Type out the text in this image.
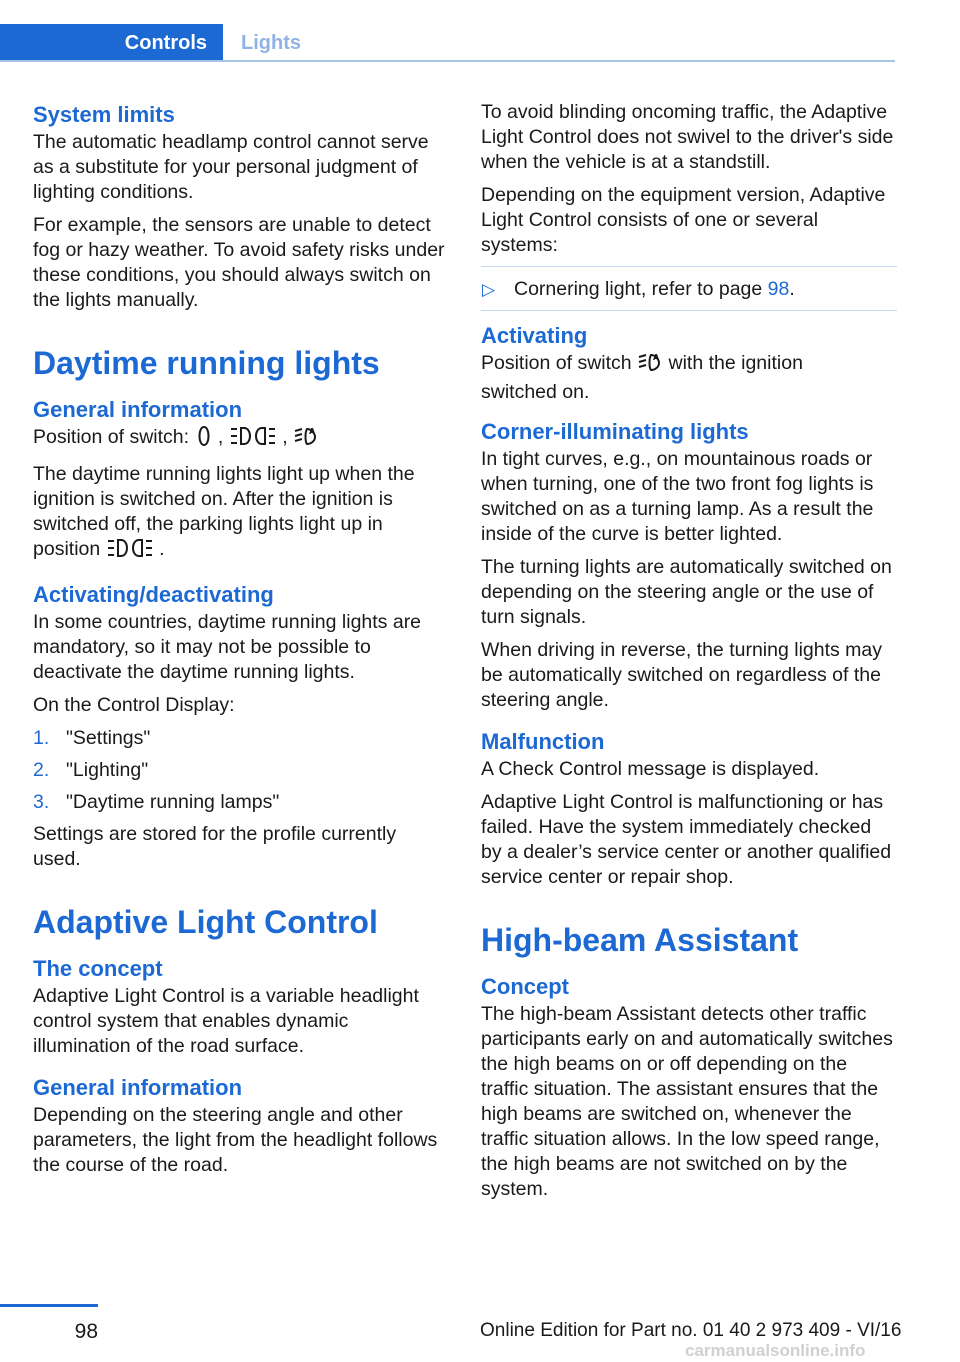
Controls	Lights
System limits

The automatic headlamp control cannot serve as a substitute for your personal judgment of lighting conditions.

For example, the sensors are unable to detect fog or hazy weather. To avoid safety risks under these conditions, you should always switch on the lights manually.

Daytime running lights
General information

Position of switch: ,	,	A

The daytime running lights light up when the ignition is switched on. After the ignition is switched off, the parking lights light up in position	.

Activating/deactivating

In some countries, daytime running lights are mandatory, so it may not be possible to deactivate the daytime running lights.

On the Control Display:

1. "Settings"
2. "Lighting"
3. "Daytime running lamps"

Settings are stored for the profile currently used.

Adaptive Light Control
The concept

Adaptive Light Control is a variable headlight control system that enables dynamic illumination of the road surface.

General information

Depending on the steering angle and other parameters, the light from the headlight follows the course of the road.

To avoid blinding oncoming traffic, the Adaptive Light Control does not swivel to the driver's side when the vehicle is at a standstill.

Depending on the equipment version, Adaptive Light Control consists of one or several systems:

▷ Cornering light, refer to page 98.
Activating

Position of switch	A with the ignition
switched on.

Corner-illuminating lights

In tight curves, e.g., on mountainous roads or when turning, one of the two front fog lights is switched on as a turning lamp. As a result the inside of the curve is better lighted.

The turning lights are automatically switched on depending on the steering angle or the use of turn signals.

When driving in reverse, the turning lights may be automatically switched on regardless of the steering angle.

Malfunction

A Check Control message is displayed.

Adaptive Light Control is malfunctioning or has failed. Have the system immediately checked by a dealer’s service center or another qualified service center or repair shop.

High-beam Assistant
Concept

The high-beam Assistant detects other traffic participants early on and automatically switches the high beams on or off depending on the traffic situation. The assistant ensures that the high beams are switched on, whenever the traffic situation allows. In the low speed range, the high beams are not switched on by the system.

98	Online Edition for Part no. 01 40 2 973 409 - VI/16
carmanualsonline.info
